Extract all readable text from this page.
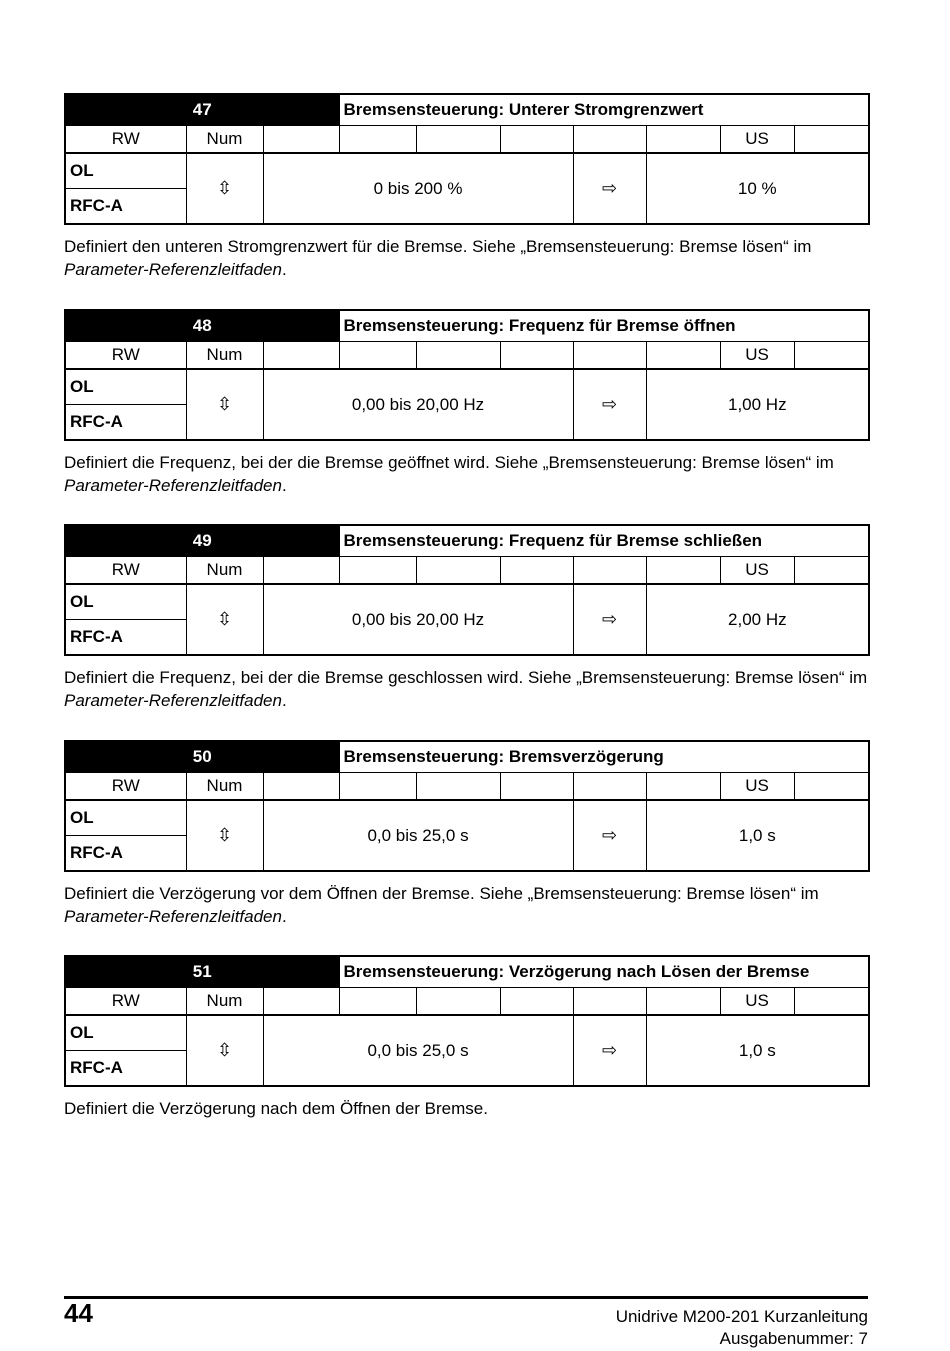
47			Bremsensteuerung: Unterer Stromgrenzwert						
RW	Num							US	
OL	⇳	0 bis 200 %				⇨	10 %		
RFC-A									
Definiert den unteren Stromgrenzwert für die Bremse. Siehe „Bremsensteuerung: Bremse lösen“ im Parameter-Referenzleitfaden.
48			Bremsensteuerung: Frequenz für Bremse öffnen						
RW	Num							US	
OL	⇳	0,00 bis 20,00 Hz				⇨	1,00 Hz		
RFC-A									
Definiert die Frequenz, bei der die Bremse geöffnet wird. Siehe „Bremsensteuerung: Bremse lösen“ im Parameter-Referenzleitfaden.
49			Bremsensteuerung: Frequenz für Bremse schließen						
RW	Num							US	
OL	⇳	0,00 bis 20,00 Hz				⇨	2,00 Hz		
RFC-A									
Definiert die Frequenz, bei der die Bremse geschlossen wird. Siehe „Bremsensteuerung: Bremse lösen“ im Parameter-Referenzleitfaden.
50			Bremsensteuerung: Bremsverzögerung						
RW	Num							US	
OL	⇳	0,0 bis 25,0 s				⇨	1,0 s		
RFC-A									
Definiert die Verzögerung vor dem Öffnen der Bremse. Siehe „Bremsensteuerung: Bremse lösen“ im Parameter-Referenzleitfaden.
51			Bremsensteuerung: Verzögerung nach Lösen der Bremse						
RW	Num							US	
OL	⇳	0,0 bis 25,0 s				⇨	1,0 s		
RFC-A									
Definiert die Verzögerung nach dem Öffnen der Bremse.
44	Unidrive M200-201 Kurzanleitung
Ausgabenummer: 7
